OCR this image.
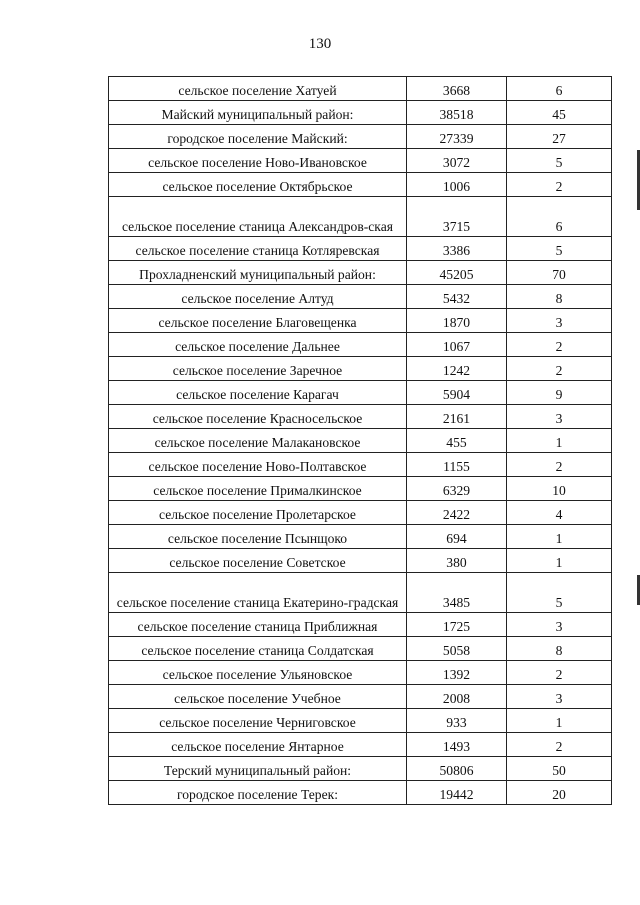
130
сельское поселение Хатуей	3668	6
Майский муниципальный район:	38518	45
городское поселение Майский:	27339	27
сельское поселение Ново-Ивановское	3072	5
сельское поселение Октябрьское	1006	2
сельское поселение станица Александров-ская	3715	6
сельское поселение станица Котляревская	3386	5
Прохладненский муниципальный район:	45205	70
сельское поселение Алтуд	5432	8
сельское поселение Благовещенка	1870	3
сельское поселение Дальнее	1067	2
сельское поселение Заречное	1242	2
сельское поселение Карагач	5904	9
сельское поселение Красносельское	2161	3
сельское поселение Малакановское	455	1
сельское поселение Ново-Полтавское	1155	2
сельское поселение Прималкинское	6329	10
сельское поселение Пролетарское	2422	4
сельское поселение Псынщоко	694	1
сельское поселение Советское	380	1
сельское поселение станица Екатерино-градская	3485	5
сельское поселение станица Приближная	1725	3
сельское поселение станица Солдатская	5058	8
сельское поселение Ульяновское	1392	2
сельское поселение Учебное	2008	3
сельское поселение Черниговское	933	1
сельское поселение Янтарное	1493	2
Терский муниципальный район:	50806	50
городское поселение Терек:	19442	20
